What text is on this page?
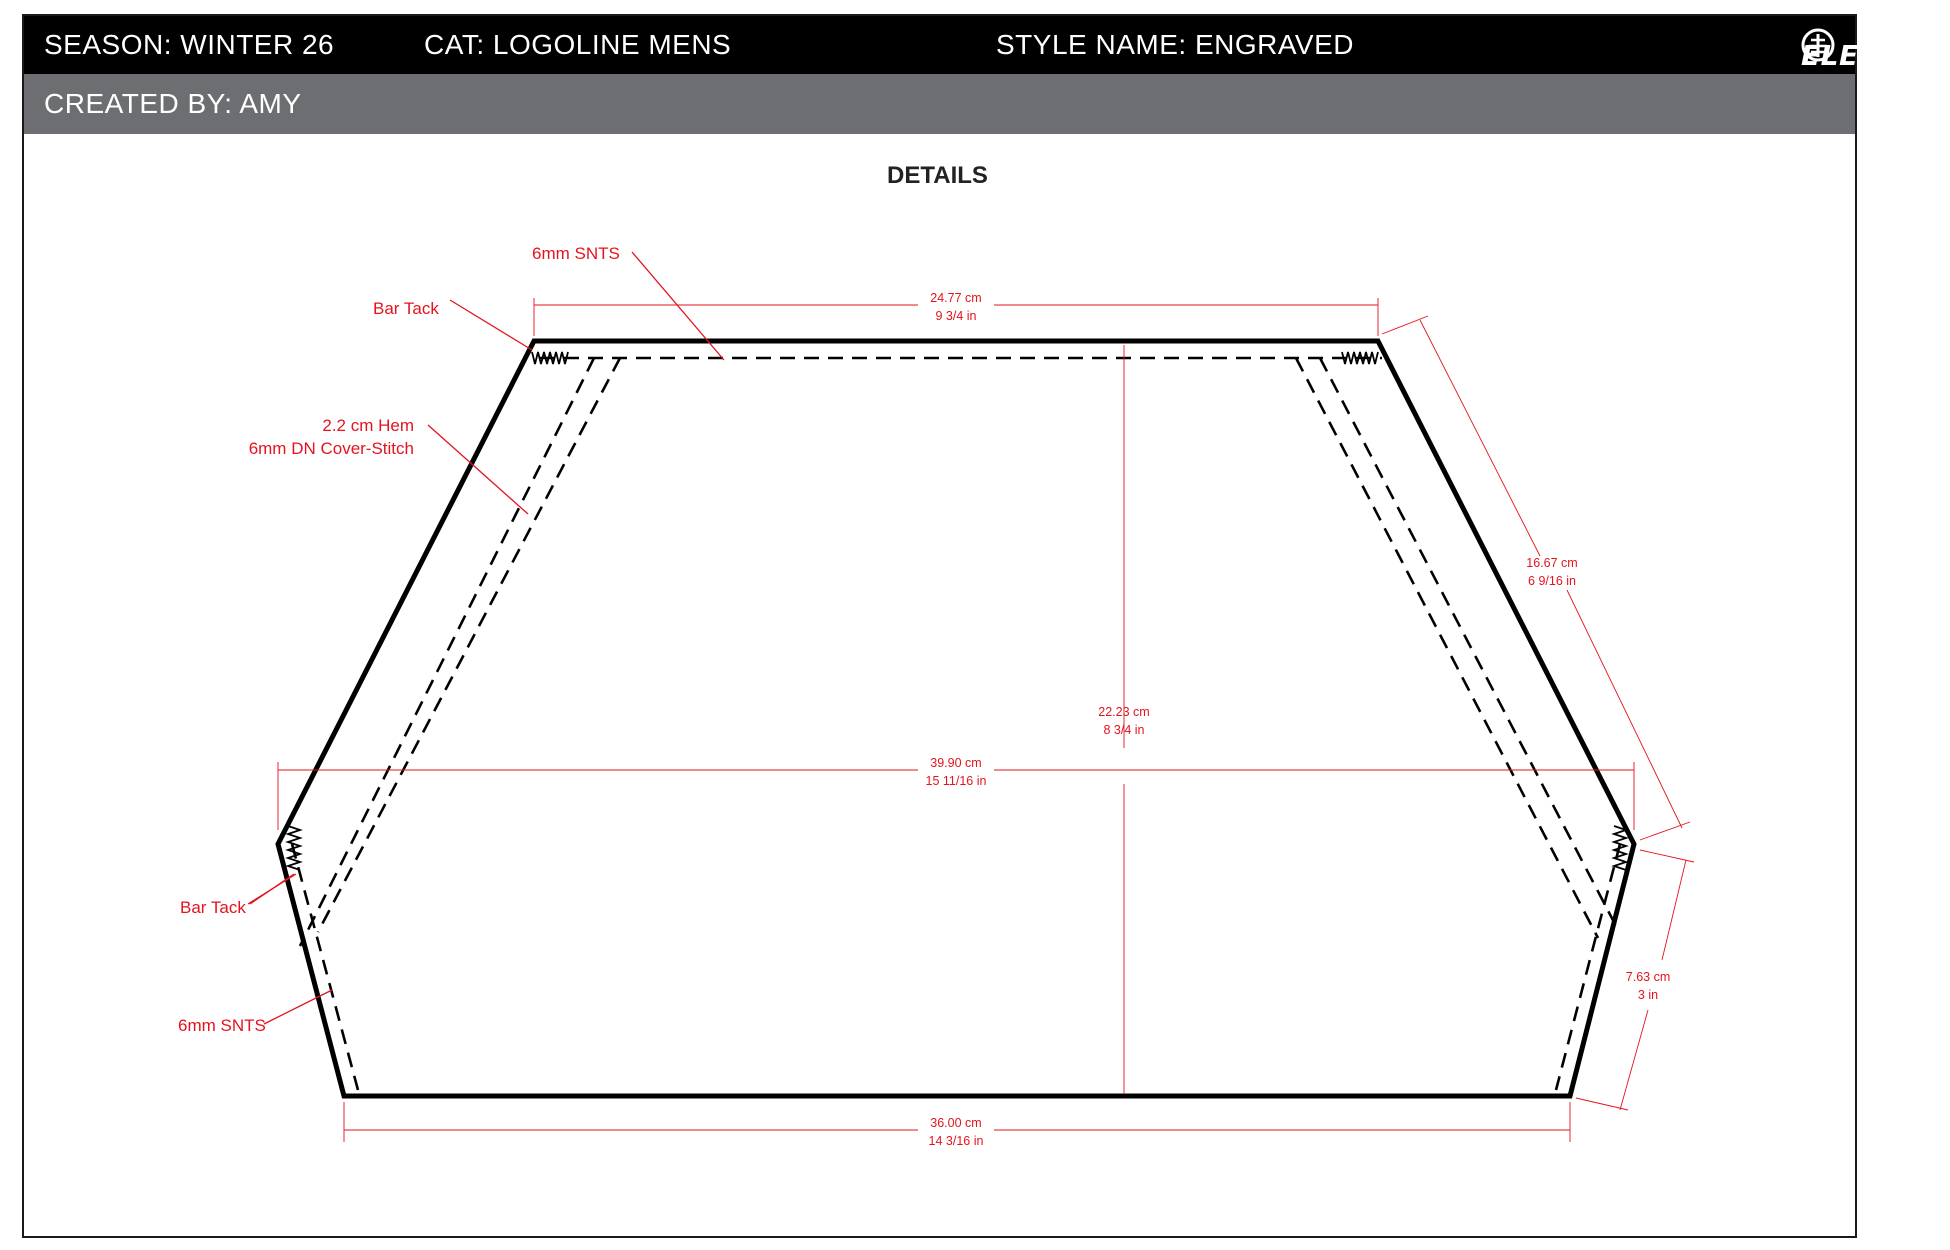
SEASON: WINTER 26	CAT: LOGOLINE MENS	STYLE NAME: ENGRAVED	ELEMENT
CREATED BY: AMY
DETAILS
6mm SNTS
Bar Tack
2.2 cm Hem
6mm DN Cover-Stitch
Bar Tack
6mm SNTS
24.77 cm
9 3/4 in
16.67 cm
6 9/16 in
22.23 cm
8 3/4 in
39.90 cm
15 11/16 in
7.63 cm
3 in
36.00 cm
14 3/16 in
